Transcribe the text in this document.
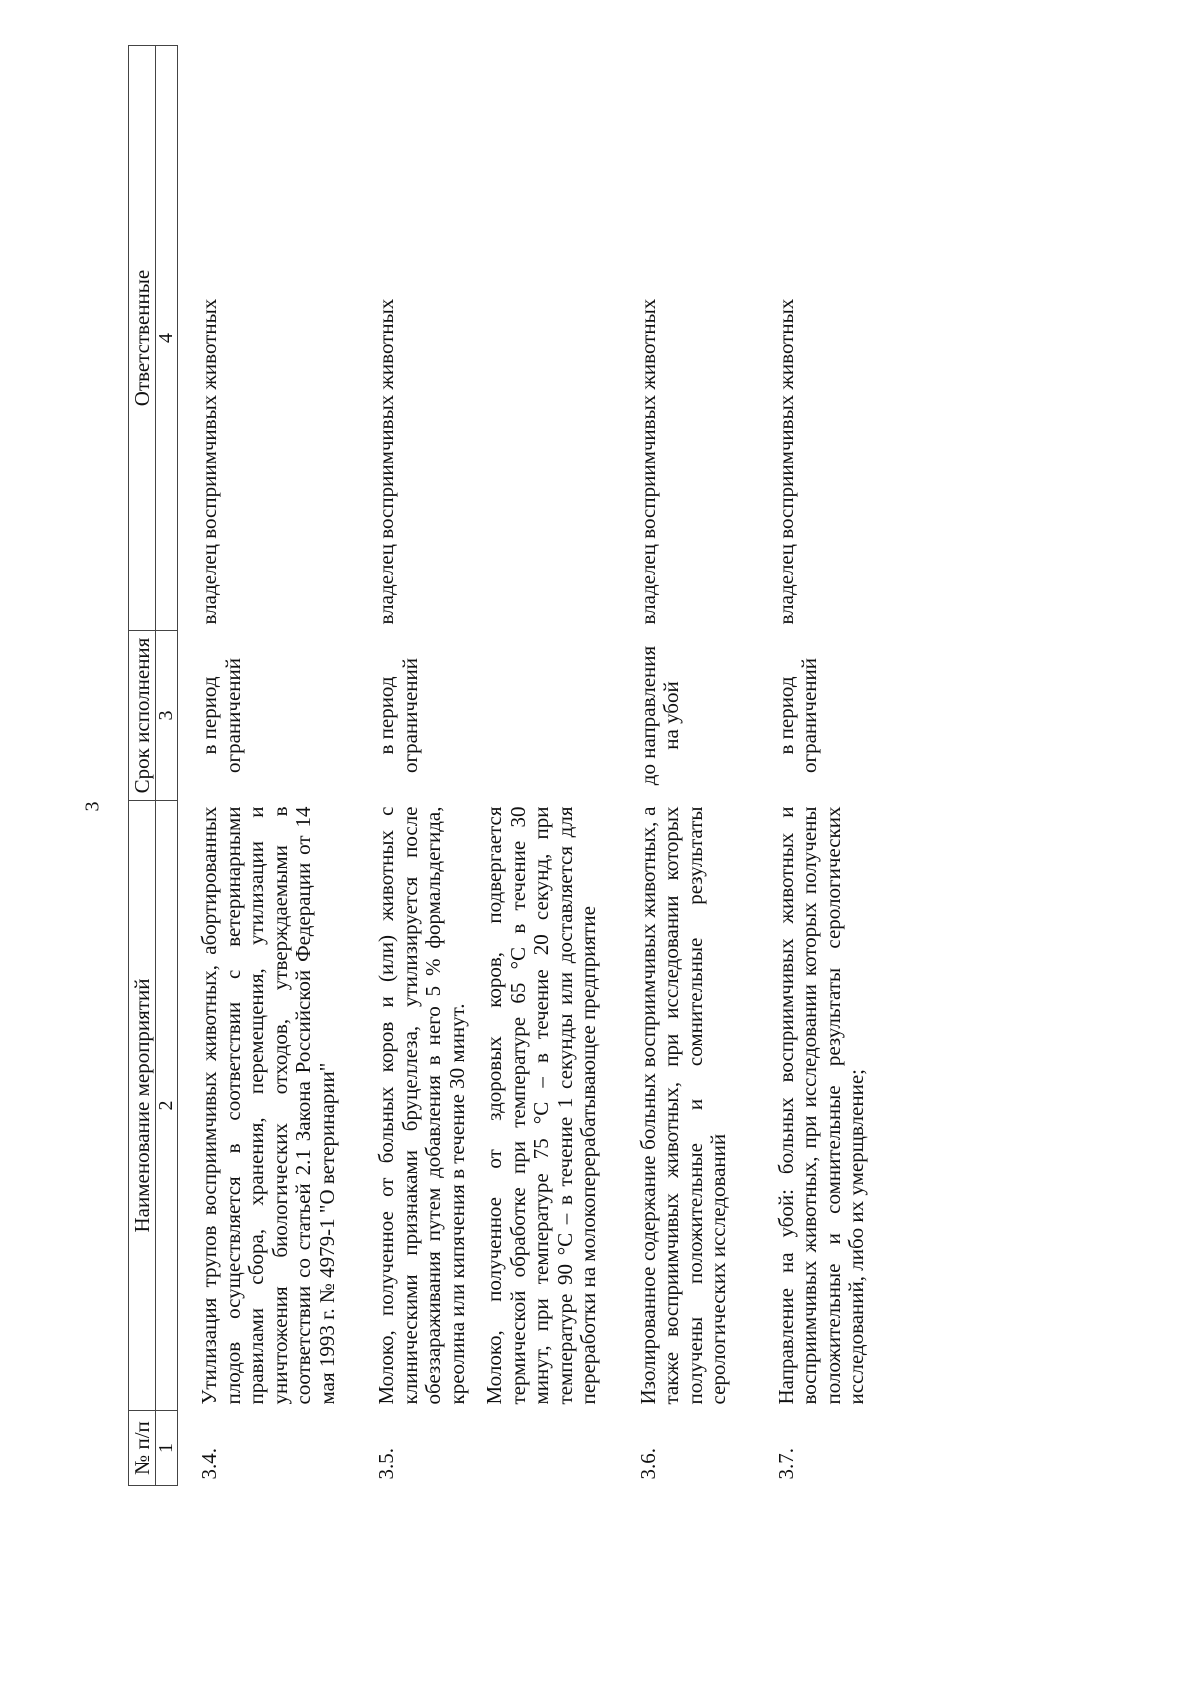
3
№ п/п	Наименование мероприятий	Срок исполнения	Ответственные
1	2	3	4
3.4.	Утилизация трупов восприимчивых животных, абортированных плодов осуществляется в соответствии с ветеринарными правилами сбора, хранения, перемещения, утилизации и уничтожения биологических отходов, утверждаемыми в соответствии со статьей 2.1 Закона Российской Федерации от 14 мая 1993 г. № 4979-1 "О ветеринарии"	в период ограничений	владелец восприимчивых животных
3.5.	Молоко, полученное от больных коров и (или) животных с клиническими признаками бруцеллеза, утилизируется после обеззараживания путем добавления в него 5 % формальдегида, креолина или кипячения в течение 30 минут. Молоко, полученное от здоровых коров, подвергается термической обработке при температуре 65 °С в течение 30 минут, при температуре 75 °С – в течение 20 секунд, при температуре 90 °С – в течение 1 секунды или доставляется для переработки на молокоперерабатывающее предприятие	в период ограничений	владелец восприимчивых животных
3.6.	Изолированное содержание больных восприимчивых животных, а также восприимчивых животных, при исследовании которых получены положительные и сомнительные результаты серологических исследований	до направления на убой	владелец восприимчивых животных
3.7.	Направление на убой: больных восприимчивых животных и восприимчивых животных, при исследовании которых получены положительные и сомнительные результаты серологических исследований, либо их умерщвление;	в период ограничений	владелец восприимчивых животных
